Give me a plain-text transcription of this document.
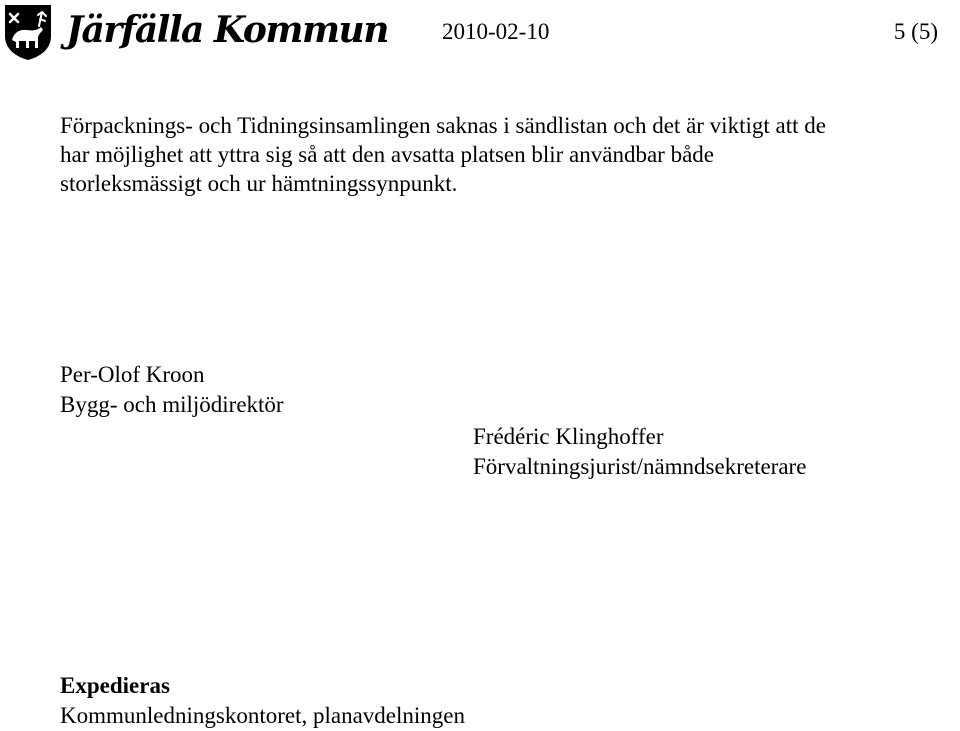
Järfälla Kommun 2010-02-10	5 (5)
Förpacknings- och Tidningsinsamlingen saknas i sändlistan och det är viktigt att de
har möjlighet att yttra sig så att den avsatta platsen blir användbar både
storleksmässigt och ur hämtningssynpunkt.
Per-Olof Kroon
Bygg- och miljödirektör
Frédéric Klinghoffer
Förvaltningsjurist/nämndsekreterare
Expedieras
Kommunledningskontoret, planavdelningen
